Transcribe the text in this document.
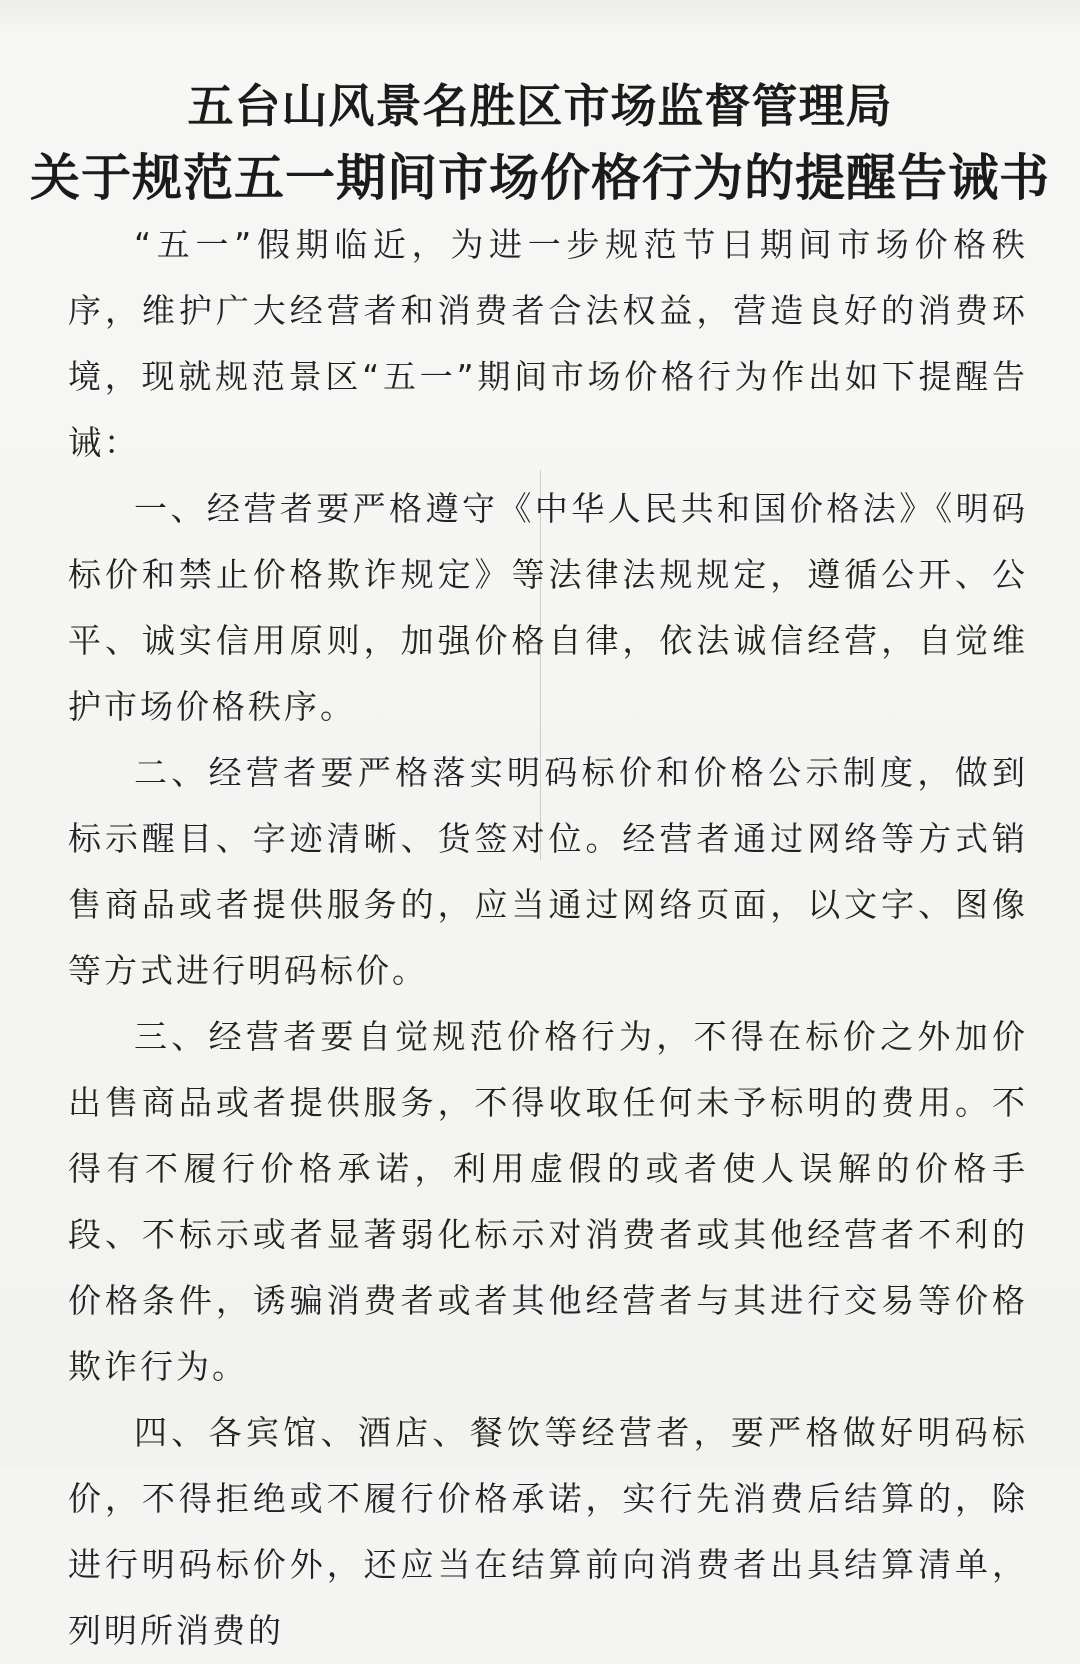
五台山风景名胜区市场监督管理局
关于规范五一期间市场价格行为的提醒告诫书

“五一”假期临近，为进一步规范节日期间市场价格秩序，维护广大经营者和消费者合法权益，营造良好的消费环境，现就规范景区“五一”期间市场价格行为作出如下提醒告诫：

一、经营者要严格遵守《中华人民共和国价格法》《明码标价和禁止价格欺诈规定》等法律法规规定，遵循公开、公平、诚实信用原则，加强价格自律，依法诚信经营，自觉维护市场价格秩序。

二、经营者要严格落实明码标价和价格公示制度，做到标示醒目、字迹清晰、货签对位。经营者通过网络等方式销售商品或者提供服务的，应当通过网络页面，以文字、图像等方式进行明码标价。

三、经营者要自觉规范价格行为，不得在标价之外加价出售商品或者提供服务，不得收取任何未予标明的费用。不得有不履行价格承诺，利用虚假的或者使人误解的价格手段、不标示或者显著弱化标示对消费者或其他经营者不利的价格条件，诱骗消费者或者其他经营者与其进行交易等价格欺诈行为。

四、各宾馆、酒店、餐饮等经营者，要严格做好明码标价，不得拒绝或不履行价格承诺，实行先消费后结算的，除进行明码标价外，还应当在结算前向消费者出具结算清单，列明所消费的
